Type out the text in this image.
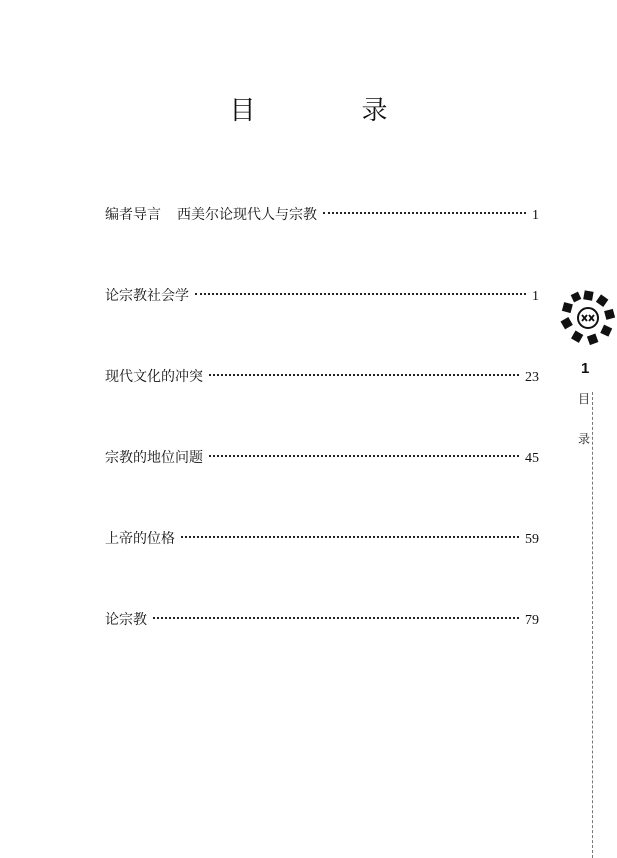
目　录
编者导言 西美尔论现代人与宗教	1
论宗教社会学	1
现代文化的冲突	23
宗教的地位问题	45
上帝的位格	59
论宗教	79
1
目
录
